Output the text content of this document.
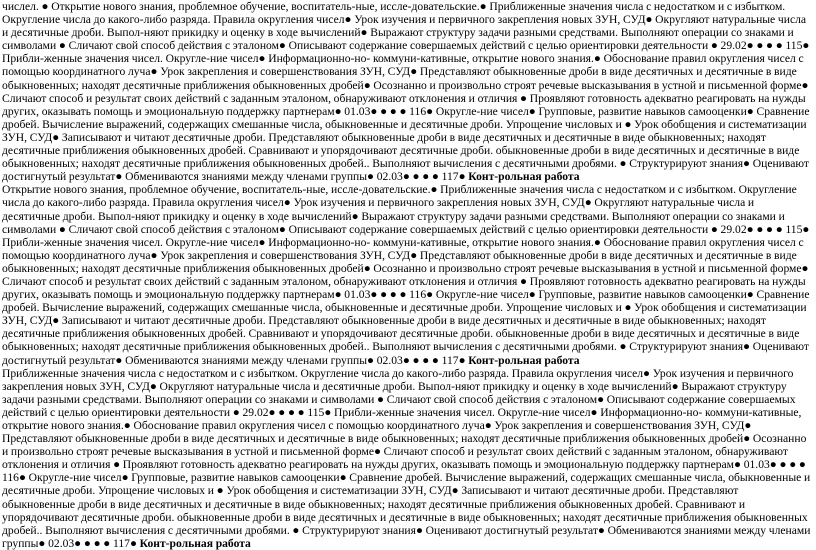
числел. ● Открытие нового знания, проблемное обучение, воспитатель-ные, иссле-довательские.● Приближенные значения числа с недостатком и с избытком. Округление числа до какого-либо разряда. Правила округления чисел● Урок изучения и первичного закрепления новых ЗУН, СУД● Округляют натуральные числа и десятичные дроби. Выпол-няют прикидку и оценку в ходе вычислений● Выражают структуру задачи разными средствами. Выполняют операции со знаками и символами ● Сличают свой способ действия с эталоном● Описывают содержание совершаемых действий с целью ориентировки деятельности ● 29.02● ● ● ● 115● Прибли-женные значения чисел. Округле-ние чисел● Информационно-но- коммуни-кативные, открытие нового знания.● Обоснование правил округления чисел с помощью координатного луча● Урок закрепления и совершенствования ЗУН, СУД● Представляют обыкновенные дроби в виде десятичных и десятичные в виде обыкновенных; находят десятичные приближения обыкновенных дробей● Осознанно и произвольно строят речевые высказывания в устной и письменной форме● Сличают способ и результат своих действий с заданным эталоном, обнаруживают отклонения и отличия ● Проявляют готовность адекватно реагировать на нужды других, оказывать помощь и эмоциональную поддержку партнерам● 01.03● ● ● ● 116● Округле-ние чисел● Групповые, развитие навыков самооценки● Сравнение дробей. Вычисление выражений, содержащих смешанные числа, обыкновенные и десятичные дроби. Упрощение числовых и ● Урок обобщения и систематизации ЗУН, СУД● Записывают и читают десятичные дроби. Представляют обыкновенные дроби в виде десятичных и десятичные в виде обыкновенных; находят десятичные приближения обыкновенных дробей. Сравнивают и упорядочивают десятичные дроби. обыкновенные дроби в виде десятичных и десятичные в виде обыкновенных; находят десятичные приближения обыкновенных дробей.. Выполняют вычисления с десятичными дробями. ● Структурируют знания● Оценивают достигнутый результат● Обмениваются знаниями между членами группы● 02.03● ● ● ● 117● Конт-рольная работа
Открытие нового знания, проблемное обучение, воспитатель-ные, иссле-довательские.● Приближенные значения числа с недостатком и с избытком. Округление числа до какого-либо разряда. Правила округления чисел● Урок изучения и первичного закрепления новых ЗУН, СУД● Округляют натуральные числа и десятичные дроби. Выпол-няют прикидку и оценку в ходе вычислений● Выражают структуру задачи разными средствами. Выполняют операции со знаками и символами ● Сличают свой способ действия с эталоном● Описывают содержание совершаемых действий с целью ориентировки деятельности ● 29.02● ● ● ● 115● Прибли-женные значения чисел. Округле-ние чисел● Информационно-но- коммуни-кативные, открытие нового знания.● Обоснование правил округления чисел с помощью координатного луча● Урок закрепления и совершенствования ЗУН, СУД● Представляют обыкновенные дроби в виде десятичных и десятичные в виде обыкновенных; находят десятичные приближения обыкновенных дробей● Осознанно и произвольно строят речевые высказывания в устной и письменной форме● Сличают способ и результат своих действий с заданным эталоном, обнаруживают отклонения и отличия ● Проявляют готовность адекватно реагировать на нужды других, оказывать помощь и эмоциональную поддержку партнерам● 01.03● ● ● ● 116● Округле-ние чисел● Групповые, развитие навыков самооценки● Сравнение дробей. Вычисление выражений, содержащих смешанные числа, обыкновенные и десятичные дроби. Упрощение числовых и ● Урок обобщения и систематизации ЗУН, СУД● Записывают и читают десятичные дроби. Представляют обыкновенные дроби в виде десятичных и десятичные в виде обыкновенных; находят десятичные приближения обыкновенных дробей. Сравнивают и упорядочивают десятичные дроби. обыкновенные дроби в виде десятичных и десятичные в виде обыкновенных; находят десятичные приближения обыкновенных дробей.. Выполняют вычисления с десятичными дробями. ● Структурируют знания● Оценивают достигнутый результат● Обмениваются знаниями между членами группы● 02.03● ● ● ● 117● Конт-рольная работа
Приближенные значения числа с недостатком и с избытком. Округление числа до какого-либо разряда. Правила округления чисел● Урок изучения и первичного закрепления новых ЗУН, СУД● Округляют натуральные числа и десятичные дроби. Выпол-няют прикидку и оценку в ходе вычислений● Выражают структуру задачи разными средствами. Выполняют операции со знаками и символами ● Сличают свой способ действия с эталоном● Описывают содержание совершаемых действий с целью ориентировки деятельности ● 29.02● ● ● ● 115● Прибли-женные значения чисел. Округле-ние чисел● Информационно-но- коммуни-кативные, открытие нового знания.● Обоснование правил округления чисел с помощью координатного луча● Урок закрепления и совершенствования ЗУН, СУД● Представляют обыкновенные дроби в виде десятичных и десятичные в виде обыкновенных; находят десятичные приближения обыкновенных дробей● Осознанно и произвольно строят речевые высказывания в устной и письменной форме● Сличают способ и результат своих действий с заданным эталоном, обнаруживают отклонения и отличия ● Проявляют готовность адекватно реагировать на нужды других, оказывать помощь и эмоциональную поддержку партнерам● 01.03● ● ● ● 116● Округле-ние чисел● Групповые, развитие навыков самооценки● Сравнение дробей. Вычисление выражений, содержащих смешанные числа, обыкновенные и десятичные дроби. Упрощение числовых и ● Урок обобщения и систематизации ЗУН, СУД● Записывают и читают десятичные дроби. Представляют обыкновенные дроби в виде десятичных и десятичные в виде обыкновенных; находят десятичные приближения обыкновенных дробей. Сравнивают и упорядочивают десятичные дроби. обыкновенные дроби в виде десятичных и десятичные в виде обыкновенных; находят десятичные приближения обыкновенных дробей.. Выполняют вычисления с десятичными дробями. ● Структурируют знания● Оценивают достигнутый результат● Обмениваются знаниями между членами группы● 02.03● ● ● ● 117● Конт-рольная работа
